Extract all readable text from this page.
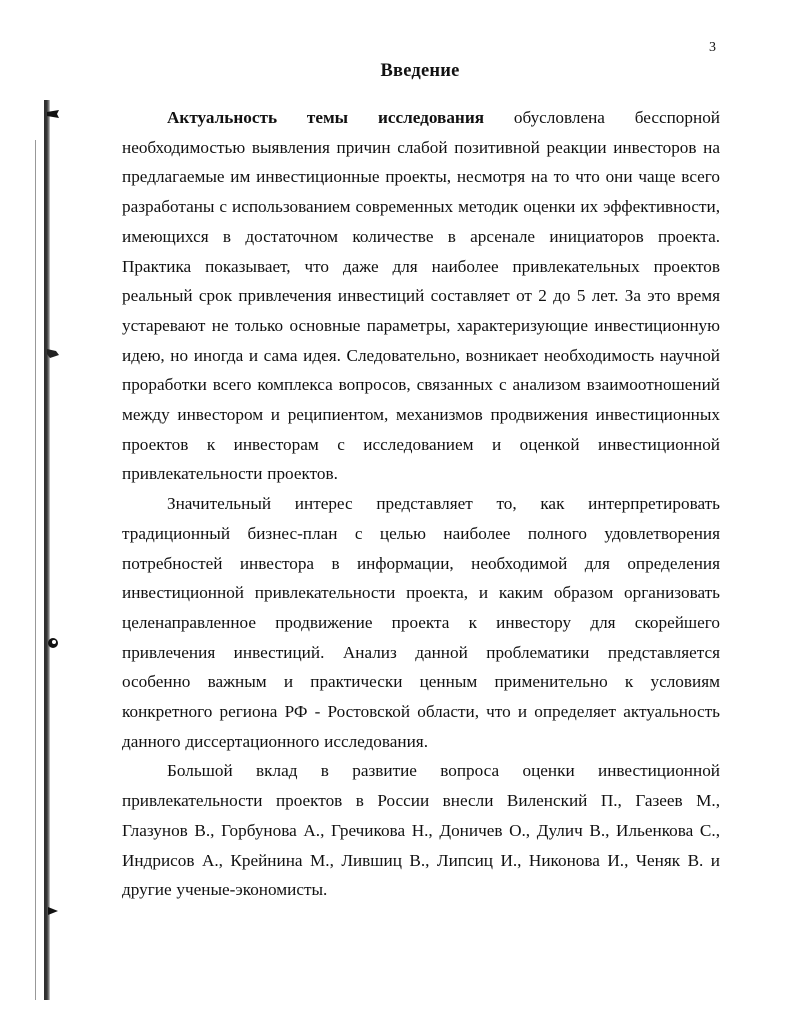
3
Введение

Актуальность темы исследования обусловлена бесспорной необходимостью выявления причин слабой позитивной реакции инвесторов на предлагаемые им инвестиционные проекты, несмотря на то что они чаще всего разработаны с использованием современных методик оценки их эффективности, имеющихся в достаточном количестве в арсенале инициаторов проекта. Практика показывает, что даже для наиболее привлекательных проектов реальный срок привлечения инвестиций составляет от 2 до 5 лет. За это время устаревают не только основные параметры, характеризующие инвестиционную идею, но иногда и сама идея. Следовательно, возникает необходимость научной проработки всего комплекса вопросов, связанных с анализом взаимоотношений между инвестором и реципиентом, механизмов продвижения инвестиционных проектов к инвесторам с исследованием и оценкой инвестиционной привлекательности проектов.

Значительный интерес представляет то, как интерпретировать традиционный бизнес-план с целью наиболее полного удовлетворения потребностей инвестора в информации, необходимой для определения инвестиционной привлекательности проекта, и каким образом организовать целенаправленное продвижение проекта к инвестору для скорейшего привлечения инвестиций. Анализ данной проблематики представляется особенно важным и практически ценным применительно к условиям конкретного региона РФ - Ростовской области, что и определяет актуальность данного диссертационного исследования.

Большой вклад в развитие вопроса оценки инвестиционной привлекательности проектов в России внесли Виленский П., Газеев М., Глазунов В., Горбунова А., Гречикова Н., Доничев О., Дулич В., Ильенкова С., Индрисов А., Крейнина М., Лившиц В., Липсиц И., Никонова И., Ченяк В. и другие ученые-экономисты.
